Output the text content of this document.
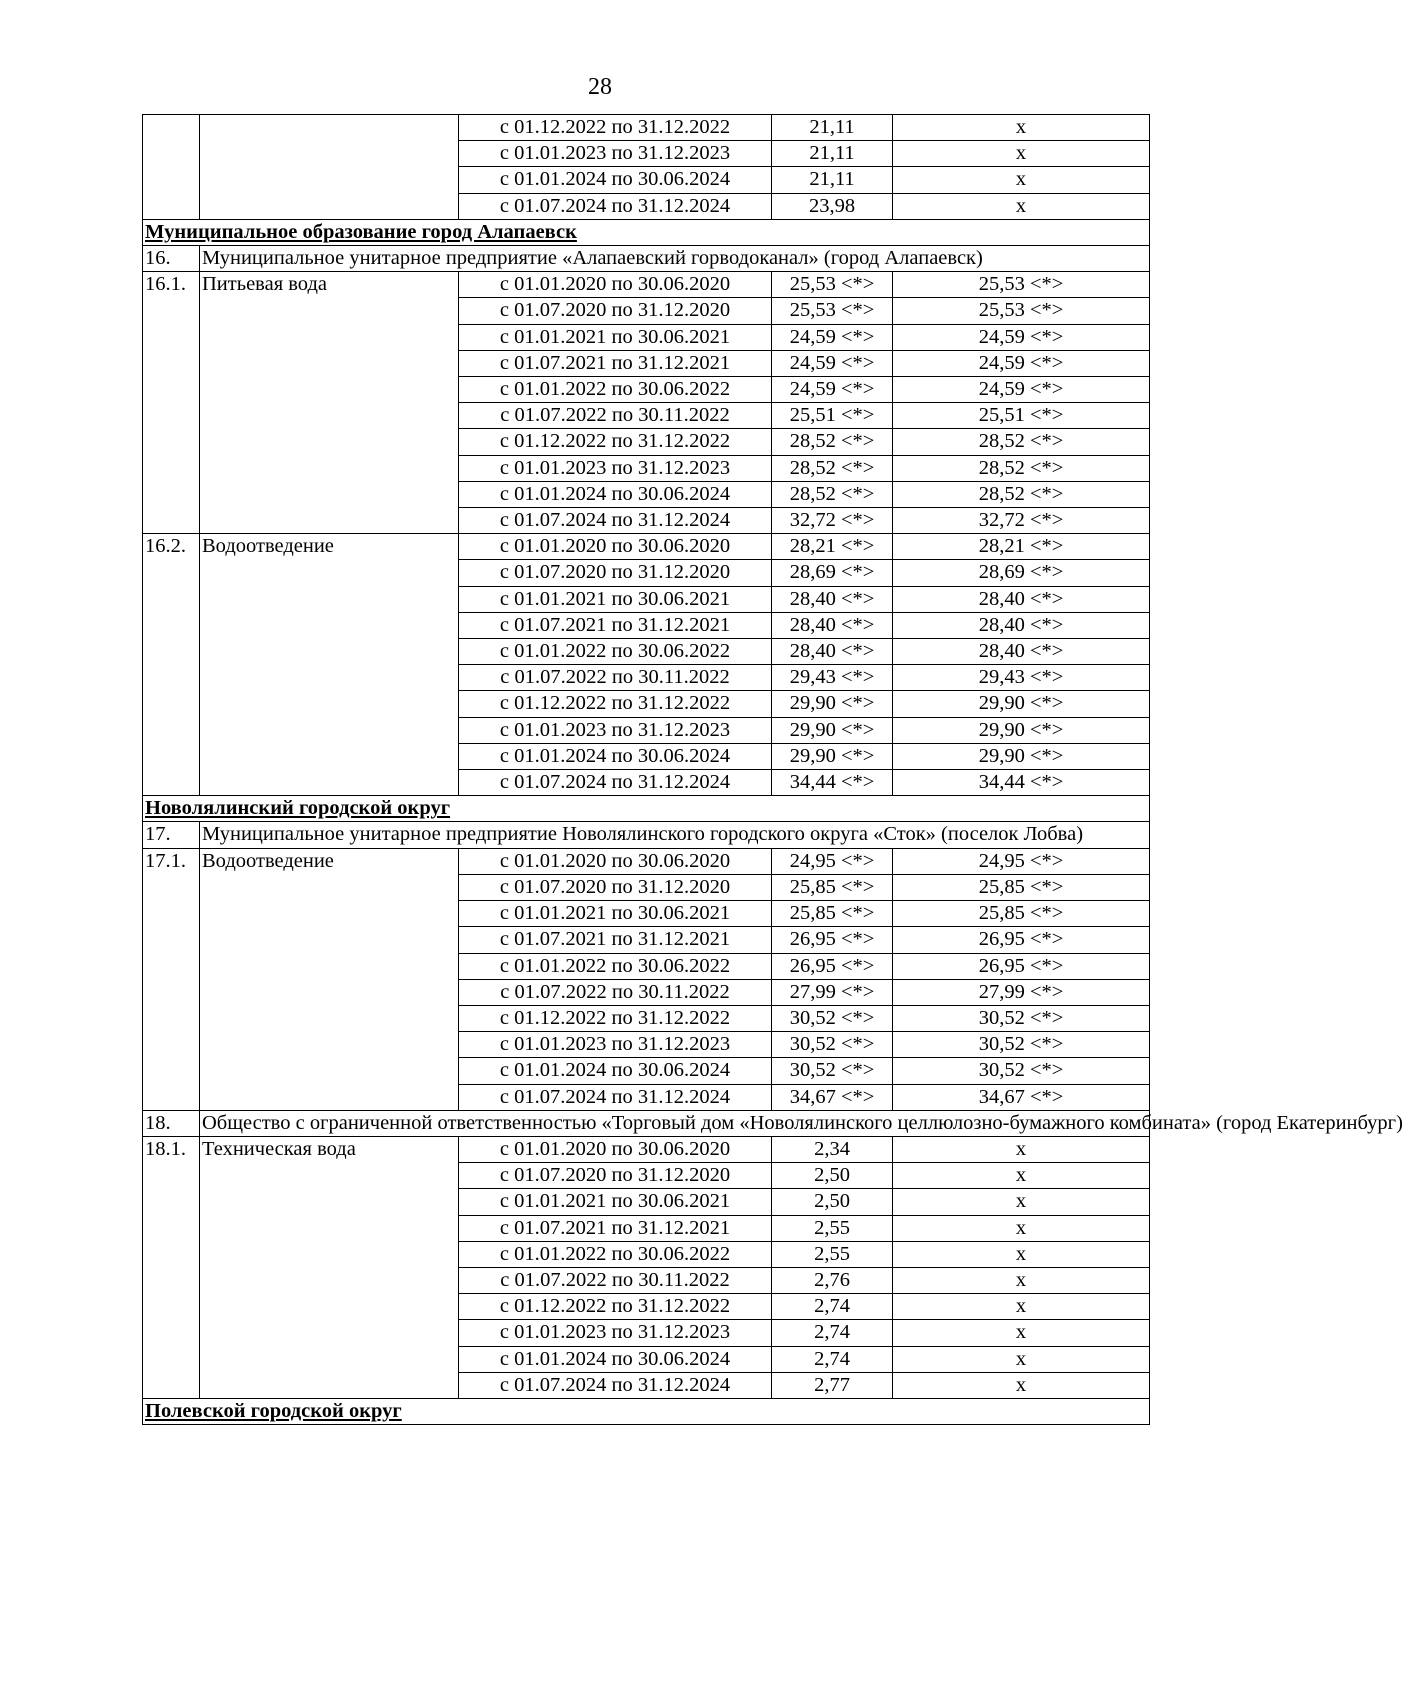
28
		с 01.12.2022 по 31.12.2022	21,11	х
		с 01.01.2023 по 31.12.2023	21,11	х
		с 01.01.2024 по 30.06.2024	21,11	х
		с 01.07.2024 по 31.12.2024	23,98	х
Муниципальное образование город Алапаевск				
16.	Муниципальное унитарное предприятие «Алапаевский горводоканал» (город Алапаевск)			
16.1.	Питьевая вода	с 01.01.2020 по 30.06.2020	25,53 <*>	25,53 <*>
		с 01.07.2020 по 31.12.2020	25,53 <*>	25,53 <*>
		с 01.01.2021 по 30.06.2021	24,59 <*>	24,59 <*>
		с 01.07.2021 по 31.12.2021	24,59 <*>	24,59 <*>
		с 01.01.2022 по 30.06.2022	24,59 <*>	24,59 <*>
		с 01.07.2022 по 30.11.2022	25,51 <*>	25,51 <*>
		с 01.12.2022 по 31.12.2022	28,52 <*>	28,52 <*>
		с 01.01.2023 по 31.12.2023	28,52 <*>	28,52 <*>
		с 01.01.2024 по 30.06.2024	28,52 <*>	28,52 <*>
		с 01.07.2024 по 31.12.2024	32,72 <*>	32,72 <*>
16.2.	Водоотведение	с 01.01.2020 по 30.06.2020	28,21 <*>	28,21 <*>
		с 01.07.2020 по 31.12.2020	28,69 <*>	28,69 <*>
		с 01.01.2021 по 30.06.2021	28,40 <*>	28,40 <*>
		с 01.07.2021 по 31.12.2021	28,40 <*>	28,40 <*>
		с 01.01.2022 по 30.06.2022	28,40 <*>	28,40 <*>
		с 01.07.2022 по 30.11.2022	29,43 <*>	29,43 <*>
		с 01.12.2022 по 31.12.2022	29,90 <*>	29,90 <*>
		с 01.01.2023 по 31.12.2023	29,90 <*>	29,90 <*>
		с 01.01.2024 по 30.06.2024	29,90 <*>	29,90 <*>
		с 01.07.2024 по 31.12.2024	34,44 <*>	34,44 <*>
Новолялинский городской округ				
17.	Муниципальное унитарное предприятие Новолялинского городского округа «Сток» (поселок Лобва)			
17.1.	Водоотведение	с 01.01.2020 по 30.06.2020	24,95 <*>	24,95 <*>
		с 01.07.2020 по 31.12.2020	25,85 <*>	25,85 <*>
		с 01.01.2021 по 30.06.2021	25,85 <*>	25,85 <*>
		с 01.07.2021 по 31.12.2021	26,95 <*>	26,95 <*>
		с 01.01.2022 по 30.06.2022	26,95 <*>	26,95 <*>
		с 01.07.2022 по 30.11.2022	27,99 <*>	27,99 <*>
		с 01.12.2022 по 31.12.2022	30,52 <*>	30,52 <*>
		с 01.01.2023 по 31.12.2023	30,52 <*>	30,52 <*>
		с 01.01.2024 по 30.06.2024	30,52 <*>	30,52 <*>
		с 01.07.2024 по 31.12.2024	34,67 <*>	34,67 <*>
18.	Общество с ограниченной ответственностью «Торговый дом «Новолялинского целлюлозно-бумажного комбината» (город Екатеринбург)			
18.1.	Техническая вода	с 01.01.2020 по 30.06.2020	2,34	х
		с 01.07.2020 по 31.12.2020	2,50	х
		с 01.01.2021 по 30.06.2021	2,50	х
		с 01.07.2021 по 31.12.2021	2,55	х
		с 01.01.2022 по 30.06.2022	2,55	х
		с 01.07.2022 по 30.11.2022	2,76	х
		с 01.12.2022 по 31.12.2022	2,74	х
		с 01.01.2023 по 31.12.2023	2,74	х
		с 01.01.2024 по 30.06.2024	2,74	х
		с 01.07.2024 по 31.12.2024	2,77	х
Полевской городской округ				
